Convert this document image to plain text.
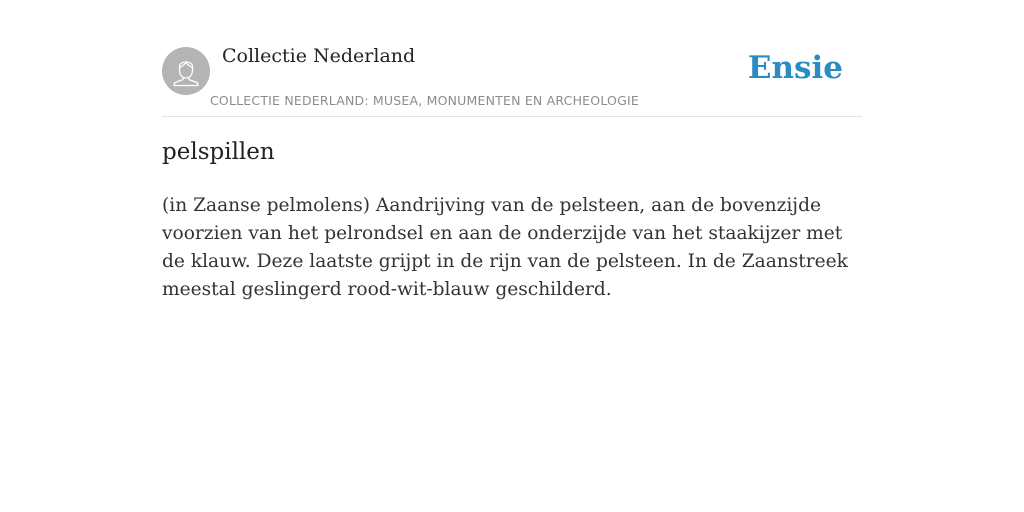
Collectie Nederland
COLLECTIE NEDERLAND: MUSEA, MONUMENTEN EN ARCHEOLOGIE
Ensie
pelspillen

(in Zaanse pelmolens) Aandrijving van de pelsteen, aan de bovenzijde voorzien van het pelrondsel en aan de onderzijde van het staakijzer met de klauw. Deze laatste grijpt in de rijn van de pelsteen. In de Zaanstreek meestal geslingerd rood-wit-blauw geschilderd.
